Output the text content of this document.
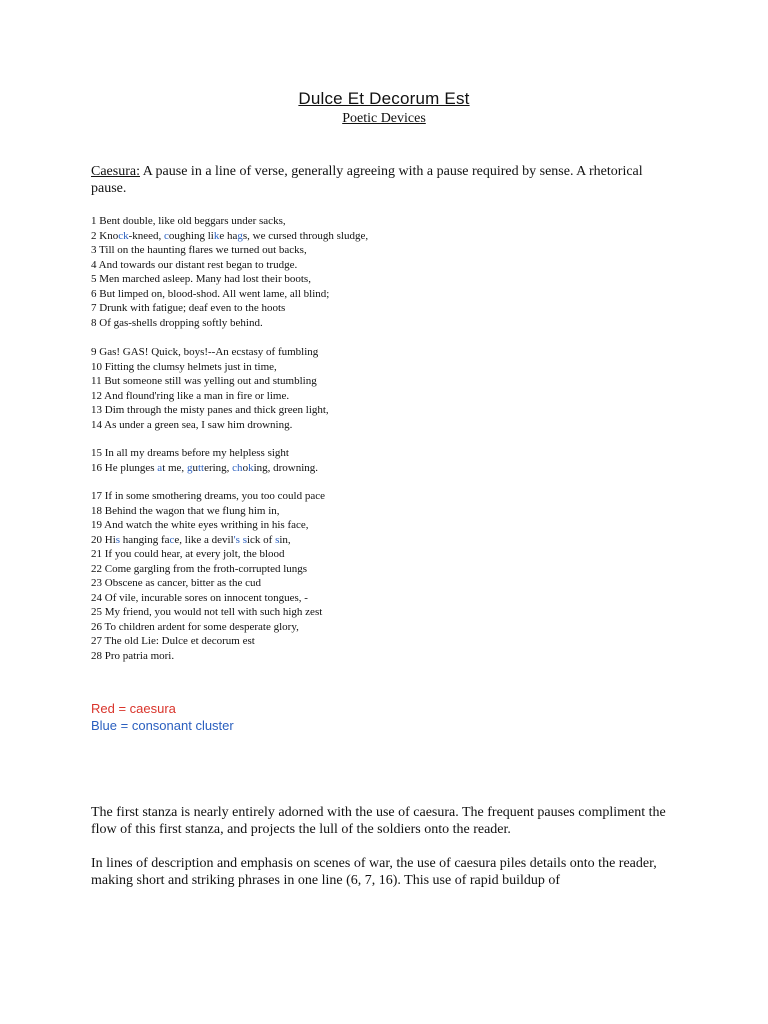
Dulce Et Decorum Est
Poetic Devices
Caesura: A pause in a line of verse, generally agreeing with a pause required by sense. A rhetorical pause.
1 Bent double, like old beggars under sacks,
2 Knock-kneed, coughing like hags, we cursed through sludge,
3 Till on the haunting flares we turned out backs,
4 And towards our distant rest began to trudge.
5 Men marched asleep. Many had lost their boots,
6 But limped on, blood-shod. All went lame, all blind;
7 Drunk with fatigue; deaf even to the hoots
8 Of gas-shells dropping softly behind.
9 Gas! GAS! Quick, boys!--An ecstasy of fumbling
10 Fitting the clumsy helmets just in time,
11 But someone still was yelling out and stumbling
12 And flound'ring like a man in fire or lime.
13 Dim through the misty panes and thick green light,
14 As under a green sea, I saw him drowning.
15 In all my dreams before my helpless sight
16 He plunges at me, guttering, choking, drowning.
17 If in some smothering dreams, you too could pace
18 Behind the wagon that we flung him in,
19 And watch the white eyes writhing in his face,
20 His hanging face, like a devil's sick of sin,
21 If you could hear, at every jolt, the blood
22 Come gargling from the froth-corrupted lungs
23 Obscene as cancer, bitter as the cud
24 Of vile, incurable sores on innocent tongues, -
25 My friend, you would not tell with such high zest
26 To children ardent for some desperate glory,
27 The old Lie: Dulce et decorum est
28 Pro patria mori.
Red = caesura
Blue = consonant cluster
The first stanza is nearly entirely adorned with the use of caesura. The frequent pauses compliment the flow of this first stanza, and projects the lull of the soldiers onto the reader.
In lines of description and emphasis on scenes of war, the use of caesura piles details onto the reader, making short and striking phrases in one line (6, 7, 16). This use of rapid buildup of
